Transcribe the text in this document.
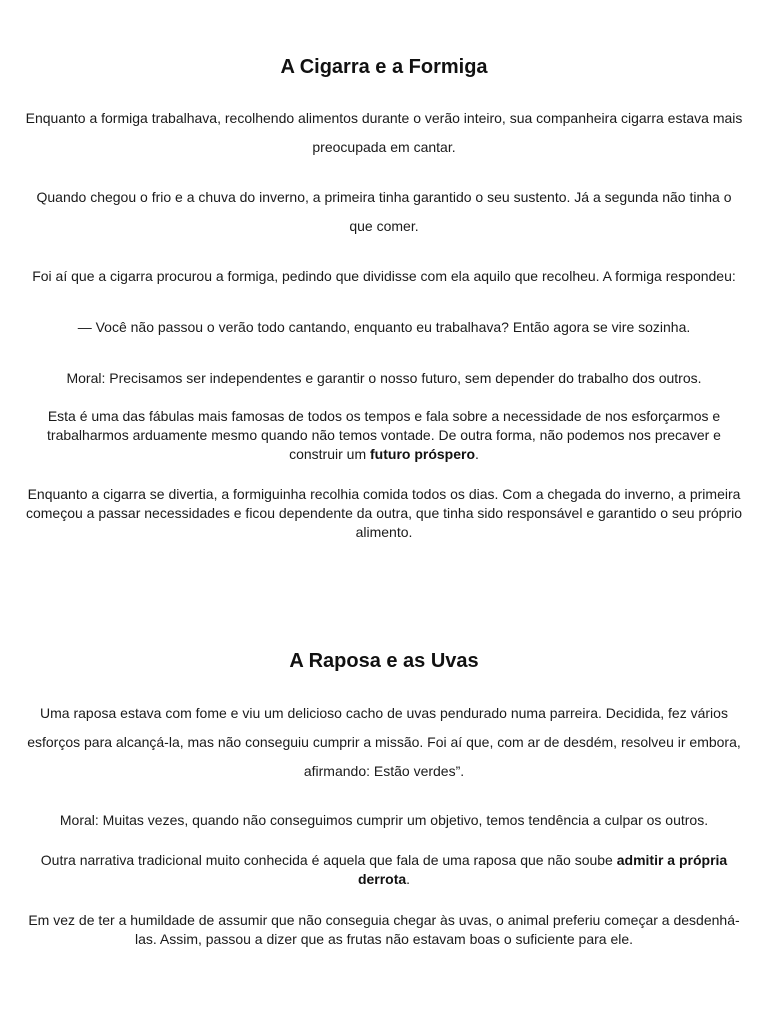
A Cigarra e a Formiga

Enquanto a formiga trabalhava, recolhendo alimentos durante o verão inteiro, sua companheira cigarra estava mais preocupada em cantar.

Quando chegou o frio e a chuva do inverno, a primeira tinha garantido o seu sustento. Já a segunda não tinha o que comer.

Foi aí que a cigarra procurou a formiga, pedindo que dividisse com ela aquilo que recolheu. A formiga respondeu:

— Você não passou o verão todo cantando, enquanto eu trabalhava? Então agora se vire sozinha.

Moral: Precisamos ser independentes e garantir o nosso futuro, sem depender do trabalho dos outros.

Esta é uma das fábulas mais famosas de todos os tempos e fala sobre a necessidade de nos esforçarmos e trabalharmos arduamente mesmo quando não temos vontade. De outra forma, não podemos nos precaver e construir um futuro próspero.

Enquanto a cigarra se divertia, a formiguinha recolhia comida todos os dias. Com a chegada do inverno, a primeira começou a passar necessidades e ficou dependente da outra, que tinha sido responsável e garantido o seu próprio alimento.

A Raposa e as Uvas

Uma raposa estava com fome e viu um delicioso cacho de uvas pendurado numa parreira. Decidida, fez vários esforços para alcançá-la, mas não conseguiu cumprir a missão. Foi aí que, com ar de desdém, resolveu ir embora, afirmando: Estão verdes”.

Moral: Muitas vezes, quando não conseguimos cumprir um objetivo, temos tendência a culpar os outros.

Outra narrativa tradicional muito conhecida é aquela que fala de uma raposa que não soube admitir a própria derrota.

Em vez de ter a humildade de assumir que não conseguia chegar às uvas, o animal preferiu começar a desdenhá-las. Assim, passou a dizer que as frutas não estavam boas o suficiente para ele.
